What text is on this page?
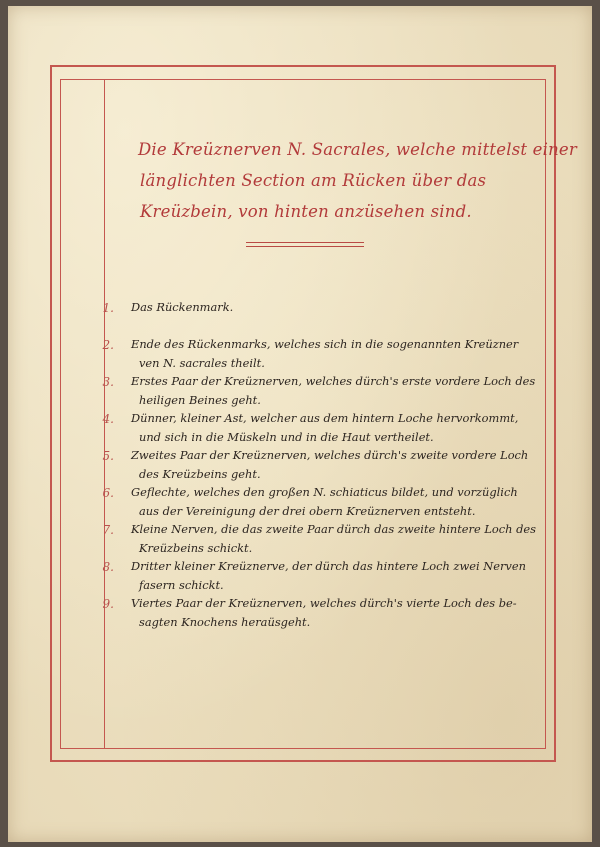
Die Kreüznerven N. Sacrales, welche mittelst einer
länglichten Section am Rücken über das
Kreüzbein, von hinten anzüsehen sind.
1. Das Rückenmark.
2. Ende des Rückenmarks, welches sich in die sogenannten Kreüzner
ven N. sacrales theilt.
3. Erstes Paar der Kreüznerven, welches dürch's erste vordere Loch des
heiligen Beines geht.
4. Dünner, kleiner Ast, welcher aus dem hintern Loche hervorkommt,
und sich in die Müskeln und in die Haut vertheilet.
5. Zweites Paar der Kreüznerven, welches dürch's zweite vordere Loch
des Kreüzbeins geht.
6. Geflechte, welches den großen N. schiaticus bildet, und vorzüglich
aus der Vereinigung der drei obern Kreüznerven entsteht.
7. Kleine Nerven, die das zweite Paar dürch das zweite hintere Loch des
Kreüzbeins schickt.
8. Dritter kleiner Kreüznerve, der dürch das hintere Loch zwei Nerven
fasern schickt.
9. Viertes Paar der Kreüznerven, welches dürch's vierte Loch des be-
sagten Knochens heraüsgeht.
